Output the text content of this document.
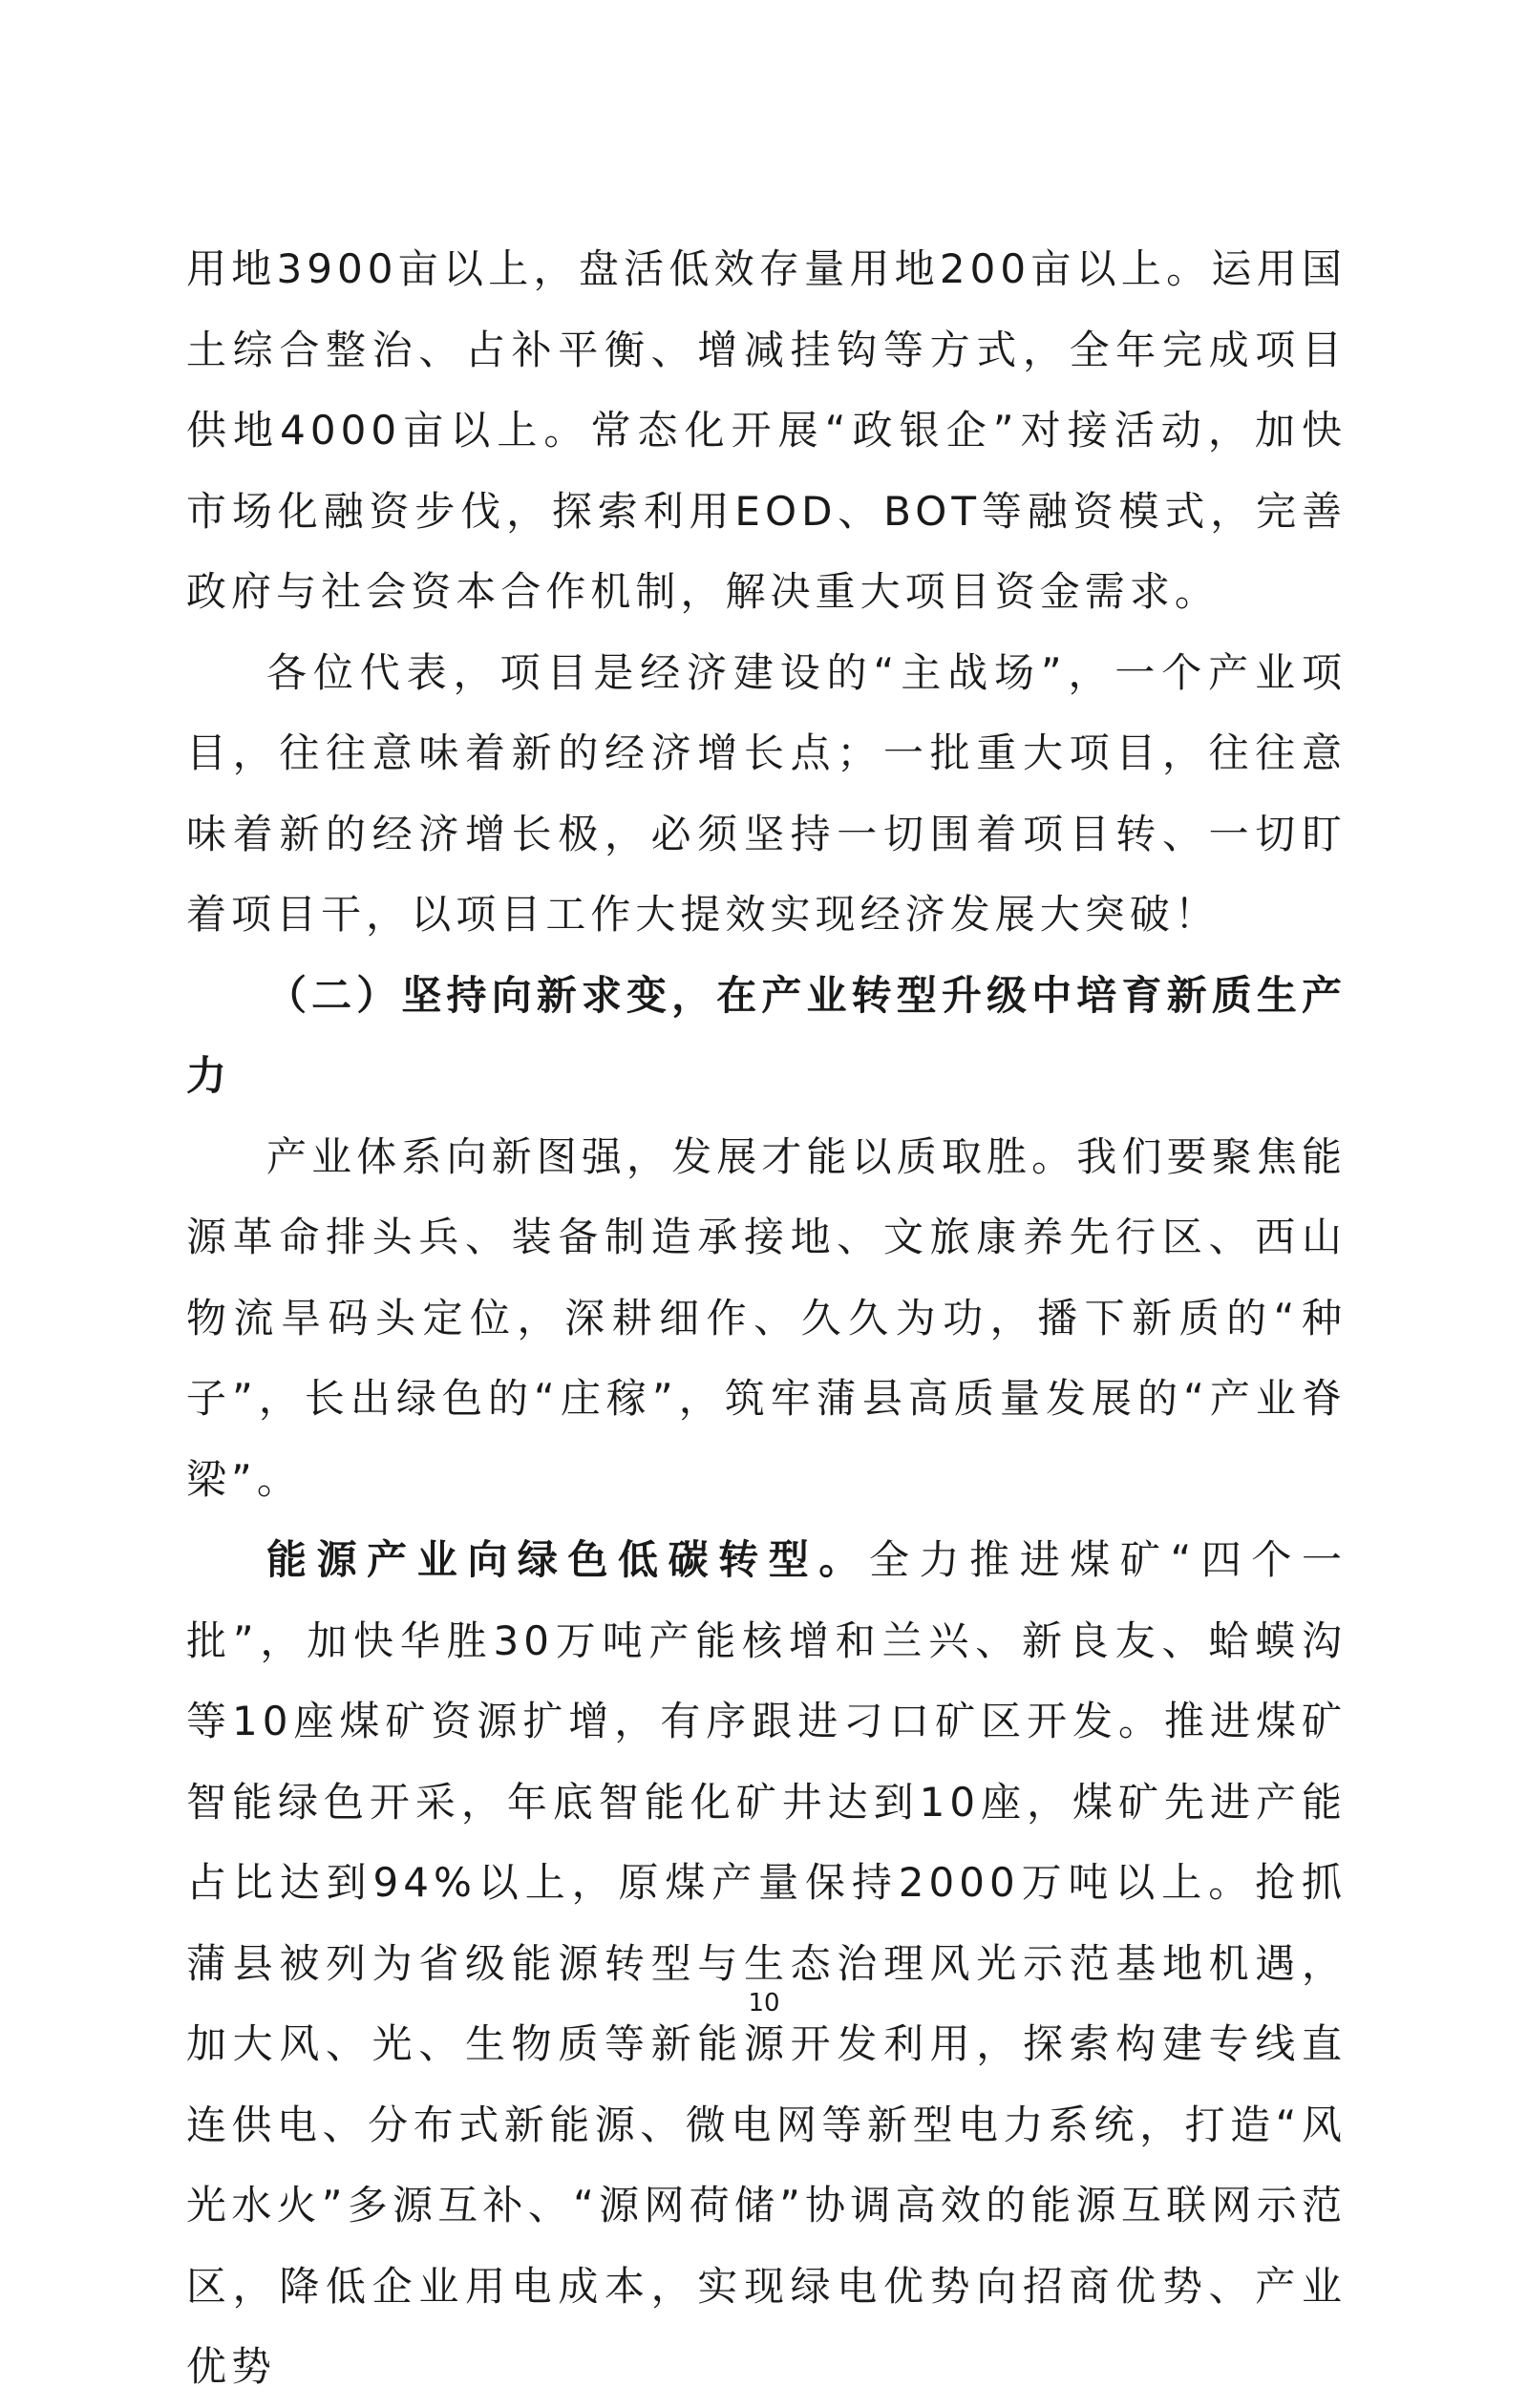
用地3900亩以上，盘活低效存量用地200亩以上。运用国土综合整治、占补平衡、增减挂钩等方式，全年完成项目供地4000亩以上。常态化开展“政银企”对接活动，加快市场化融资步伐，探索利用EOD、BOT等融资模式，完善政府与社会资本合作机制，解决重大项目资金需求。

各位代表，项目是经济建设的“主战场”，一个产业项目，往往意味着新的经济增长点；一批重大项目，往往意味着新的经济增长极，必须坚持一切围着项目转、一切盯着项目干，以项目工作大提效实现经济发展大突破！

（二）坚持向新求变，在产业转型升级中培育新质生产力

产业体系向新图强，发展才能以质取胜。我们要聚焦能源革命排头兵、装备制造承接地、文旅康养先行区、西山物流旱码头定位，深耕细作、久久为功，播下新质的“种子”，长出绿色的“庄稼”，筑牢蒲县高质量发展的“产业脊梁”。

能源产业向绿色低碳转型。全力推进煤矿“四个一批”，加快华胜30万吨产能核增和兰兴、新良友、蛤蟆沟等10座煤矿资源扩增，有序跟进刁口矿区开发。推进煤矿智能绿色开采，年底智能化矿井达到10座，煤矿先进产能占比达到94%以上，原煤产量保持2000万吨以上。抢抓蒲县被列为省级能源转型与生态治理风光示范基地机遇，加大风、光、生物质等新能源开发利用，探索构建专线直连供电、分布式新能源、微电网等新型电力系统，打造“风光水火”多源互补、“源网荷储”协调高效的能源互联网示范区，降低企业用电成本，实现绿电优势向招商优势、产业优势

10
